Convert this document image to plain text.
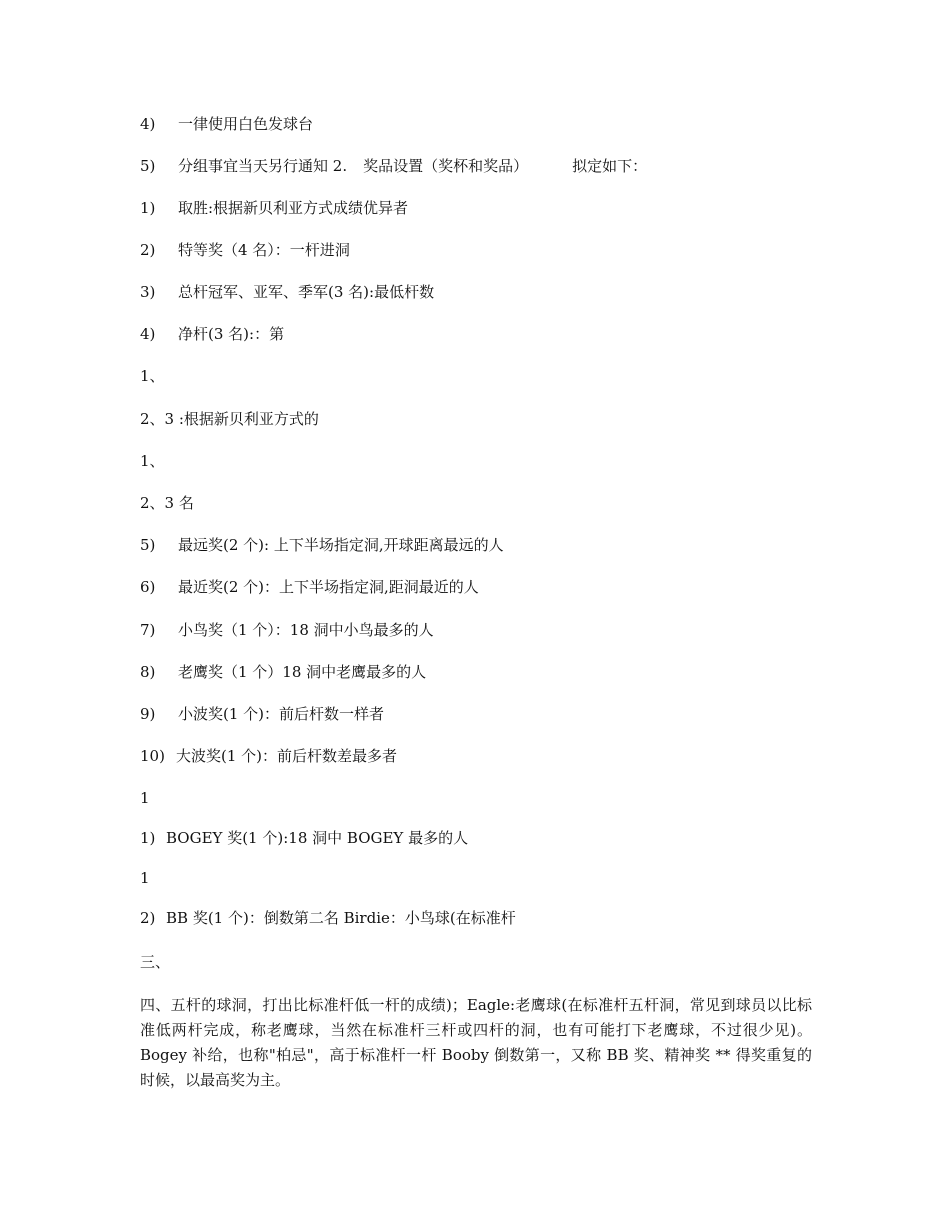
4) 一律使用白色发球台
5) 分组事宜当天另行通知 2. 奖品设置（奖杯和奖品）	拟定如下：
1) 取胜:根据新贝利亚方式成绩优异者
2) 特等奖（4 名）：一杆进洞
3) 总杆冠军、亚军、季军(3 名):最低杆数
4) 净杆(3 名):：第
1、
2、3 :根据新贝利亚方式的
1、
2、3 名
5) 最远奖(2 个): 上下半场指定洞,开球距离最远的人
6) 最近奖(2 个)：上下半场指定洞,距洞最近的人
7) 小鸟奖（1 个）：18 洞中小鸟最多的人
8) 老鹰奖（1 个）18 洞中老鹰最多的人
9) 小波奖(1 个)：前后杆数一样者
10) 大波奖(1 个)：前后杆数差最多者
1
1) BOGEY 奖(1 个):18 洞中 BOGEY 最多的人
1
2) BB 奖(1 个)：倒数第二名 Birdie：小鸟球(在标准杆
三、
四、五杆的球洞，打出比标准杆低一杆的成绩)；Eagle:老鹰球(在标准杆五杆洞，常见到球员以比标准低两杆完成，称老鹰球，当然在标准杆三杆或四杆的洞，也有可能打下老鹰球，不过很少见)。Bogey 补给，也称"柏忌"，高于标准杆一杆 Booby 倒数第一，又称 BB 奖、精神奖 ** 得奖重复的时候，以最高奖为主。
